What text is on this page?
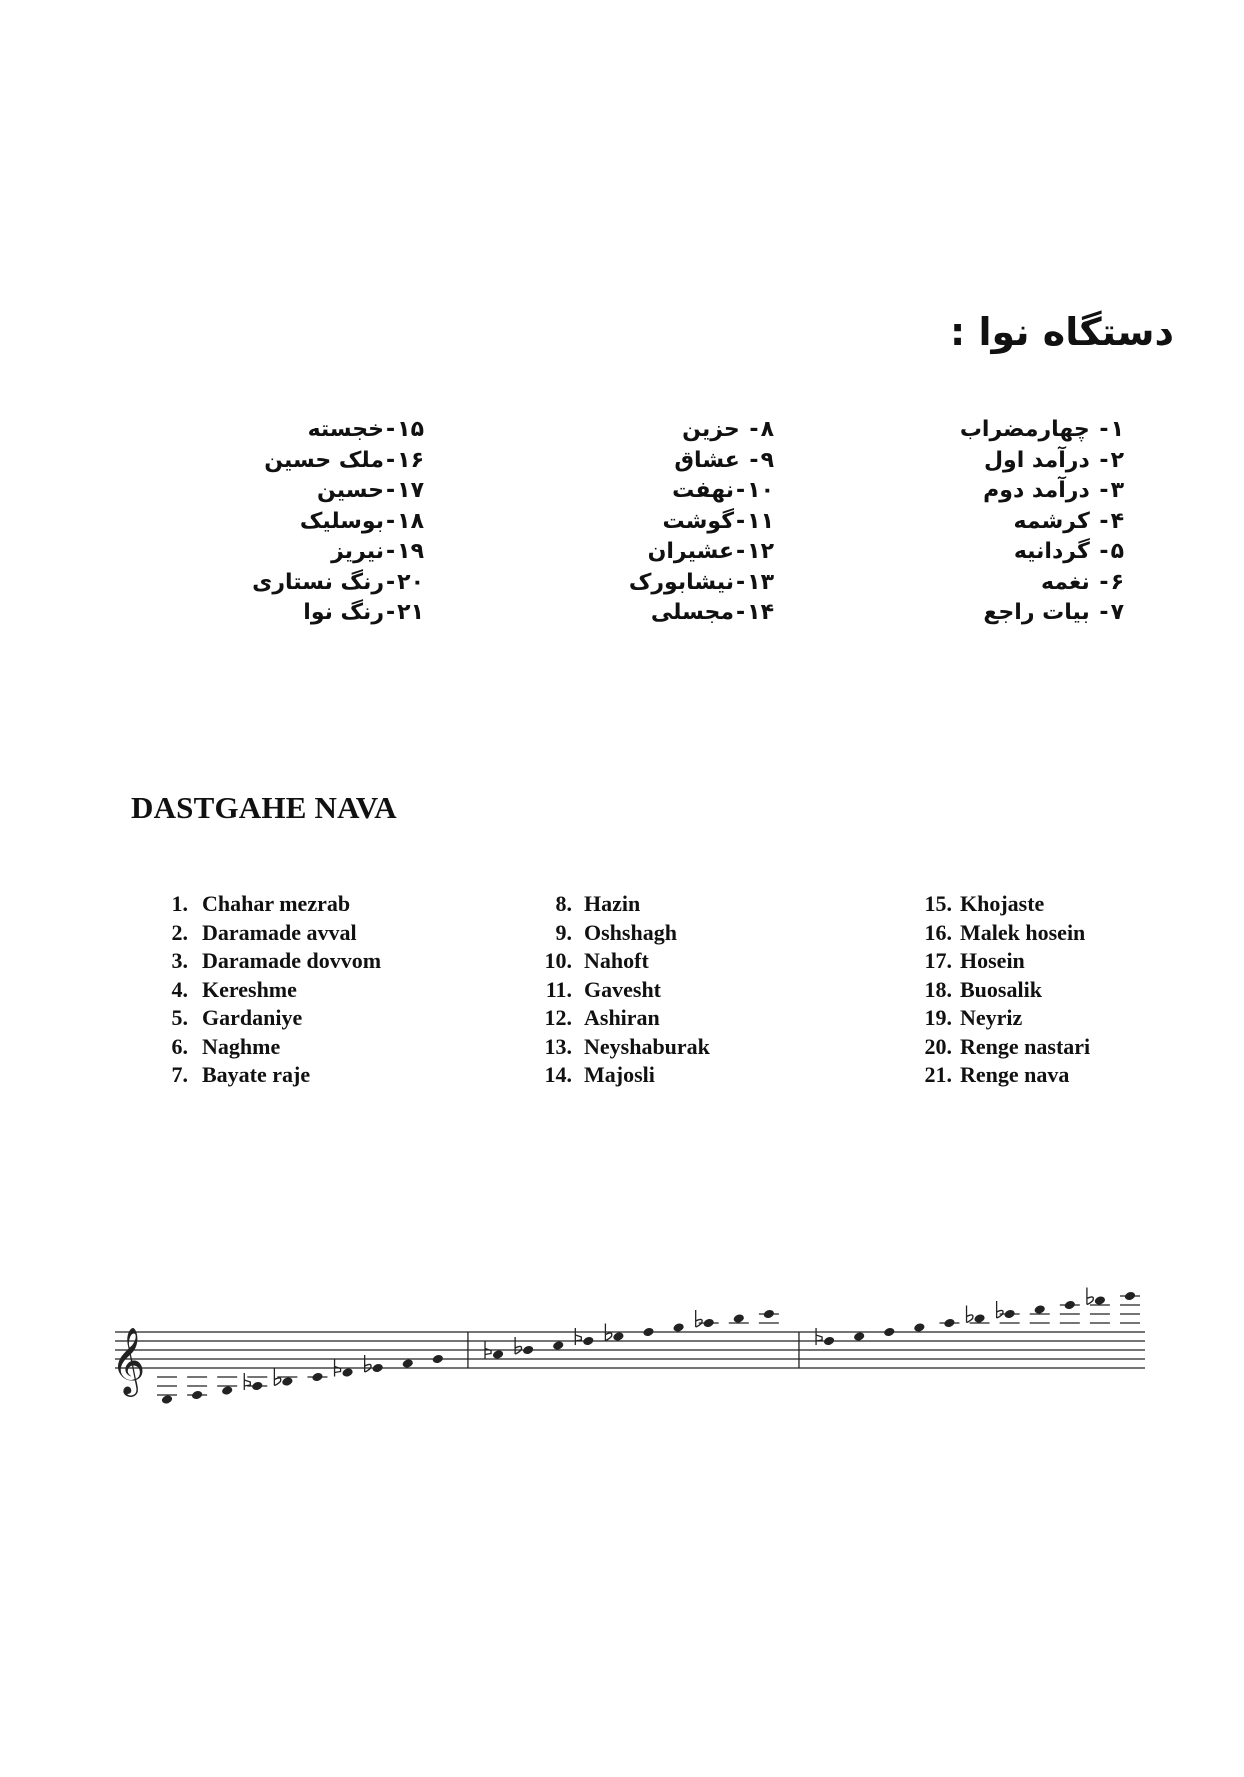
دستگاه نوا :
۱- چهارمضراب
۲- درآمد اول
۳- درآمد دوم
۴- کرشمه
۵- گردانیه
۶- نغمه
۷- بیات راجع
۸- حزین
۹- عشاق
۱۰-نهفت
۱۱-گوشت
۱۲-عشیران
۱۳-نیشابورک
۱۴-مجسلی
۱۵-خجسته
۱۶-ملک حسین
۱۷-حسین
۱۸-بوسلیک
۱۹-نیریز
۲۰-رنگ نستاری
۲۱-رنگ نوا
DASTGAHE NAVA
1. Chahar mezrab
2. Daramade avval
3. Daramade dovvom
4. Kereshme
5. Gardaniye
6. Naghme
7. Bayate raje
8. Hazin
9. Oshshagh
10. Nahoft
11. Gavesht
12. Ashiran
13. Neyshaburak
14. Majosli
15. Khojaste
16. Malek hosein
17. Hosein
18. Buosalik
19. Neyriz
20. Renge nastari
21. Renge nava
𝄞
